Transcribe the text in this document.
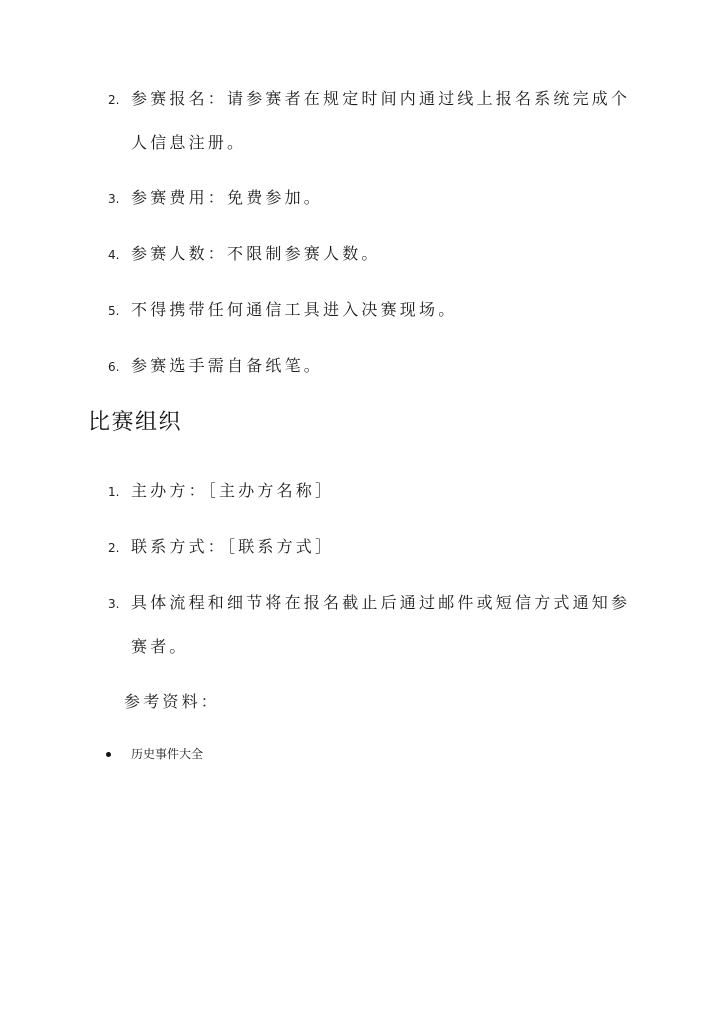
2. 参赛报名：请参赛者在规定时间内通过线上报名系统完成个
人信息注册。
3. 参赛费用：免费参加。
4. 参赛人数：不限制参赛人数。
5. 不得携带任何通信工具进入决赛现场。
6. 参赛选手需自备纸笔。
比赛组织
1. 主办方：［主办方名称］
2. 联系方式：［联系方式］
3. 具体流程和细节将在报名截止后通过邮件或短信方式通知参
赛者。
参考资料：
历史事件大全
